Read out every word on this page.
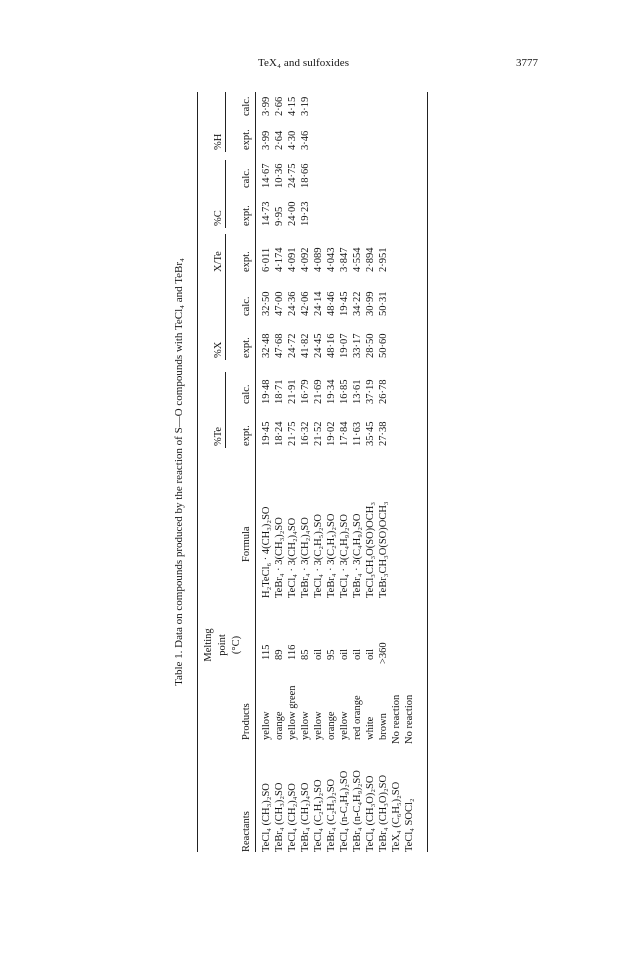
TeX₄ and sulfoxides	3777
Table 1. Data on compounds produced by the reaction of S—O compounds with TeCl₄ and TeBr₄
Reactants
Products
Melting point (°C)
Formula
%Te expt.
calc.
%X expt.
calc.
X/Te expt.
%C expt.
calc.
%H expt.
calc.
TeCl₄ (CH₃)₂SO
yellow
115
H₂TeCl₆ · 4(CH₃)₂SO
19·45
19·48
32·48
32·50
6·011
14·73
14·67
3·99
3·99
TeBr₄ (CH₃)₂SO
orange
89
TeBr₄ · 3(CH₃)₂SO
18·24
18·71
47·68
47·00
4·174
9·95
10·36
2·64
2·66
TeCl₄ (CH₂)₄SO
yellow green
116
TeCl₄ · 3(CH₂)₄SO
21·75
21·91
24·72
24·36
4·091
24·00
24·75
4·30
4·15
TeBr₄ (CH₂)₄SO
yellow
85
TeBr₄ · 3(CH₂)₄SO
16·32
16·79
41·82
42·06
4·092
19·23
18·66
3·46
3·19
TeCl₄ (C₂H₅)₂SO
yellow
oil
TeCl₄ · 3(C₂H₅)₂SO
21·52
21·69
24·45
24·14
4·089
TeBr₄ (C₂H₅)₂SO
orange
95
TeBr₄ · 3(C₂H₅)₂SO
19·02
19·34
48·16
48·46
4·043
TeCl₄ (n-C₄H₉)₂SO
yellow
oil
TeCl₄ · 3(C₄H₉)₂SO
17·84
16·85
19·07
19·45
3·847
TeBr₄ (n-C₄H₉)₂SO
red orange
oil
TeBr₄ · 3(C₄H₉)₂SO
11·63
13·61
33·17
34·22
4·554
TeCl₄ (CH₃O)₂SO
white
oil
TeCl₃CH₃O(SO)OCH₃
35·45
37·19
28·50
30·99
2·894
TeBr₄ (CH₃O)₂SO
brown
>360
TeBr₃CH₃O(SO)OCH₃
27·38
26·78
50·60
50·31
2·951
TeX₄ (C₆H₅)₂SO
No reaction
TeCl₄ SOCl₂
No reaction
